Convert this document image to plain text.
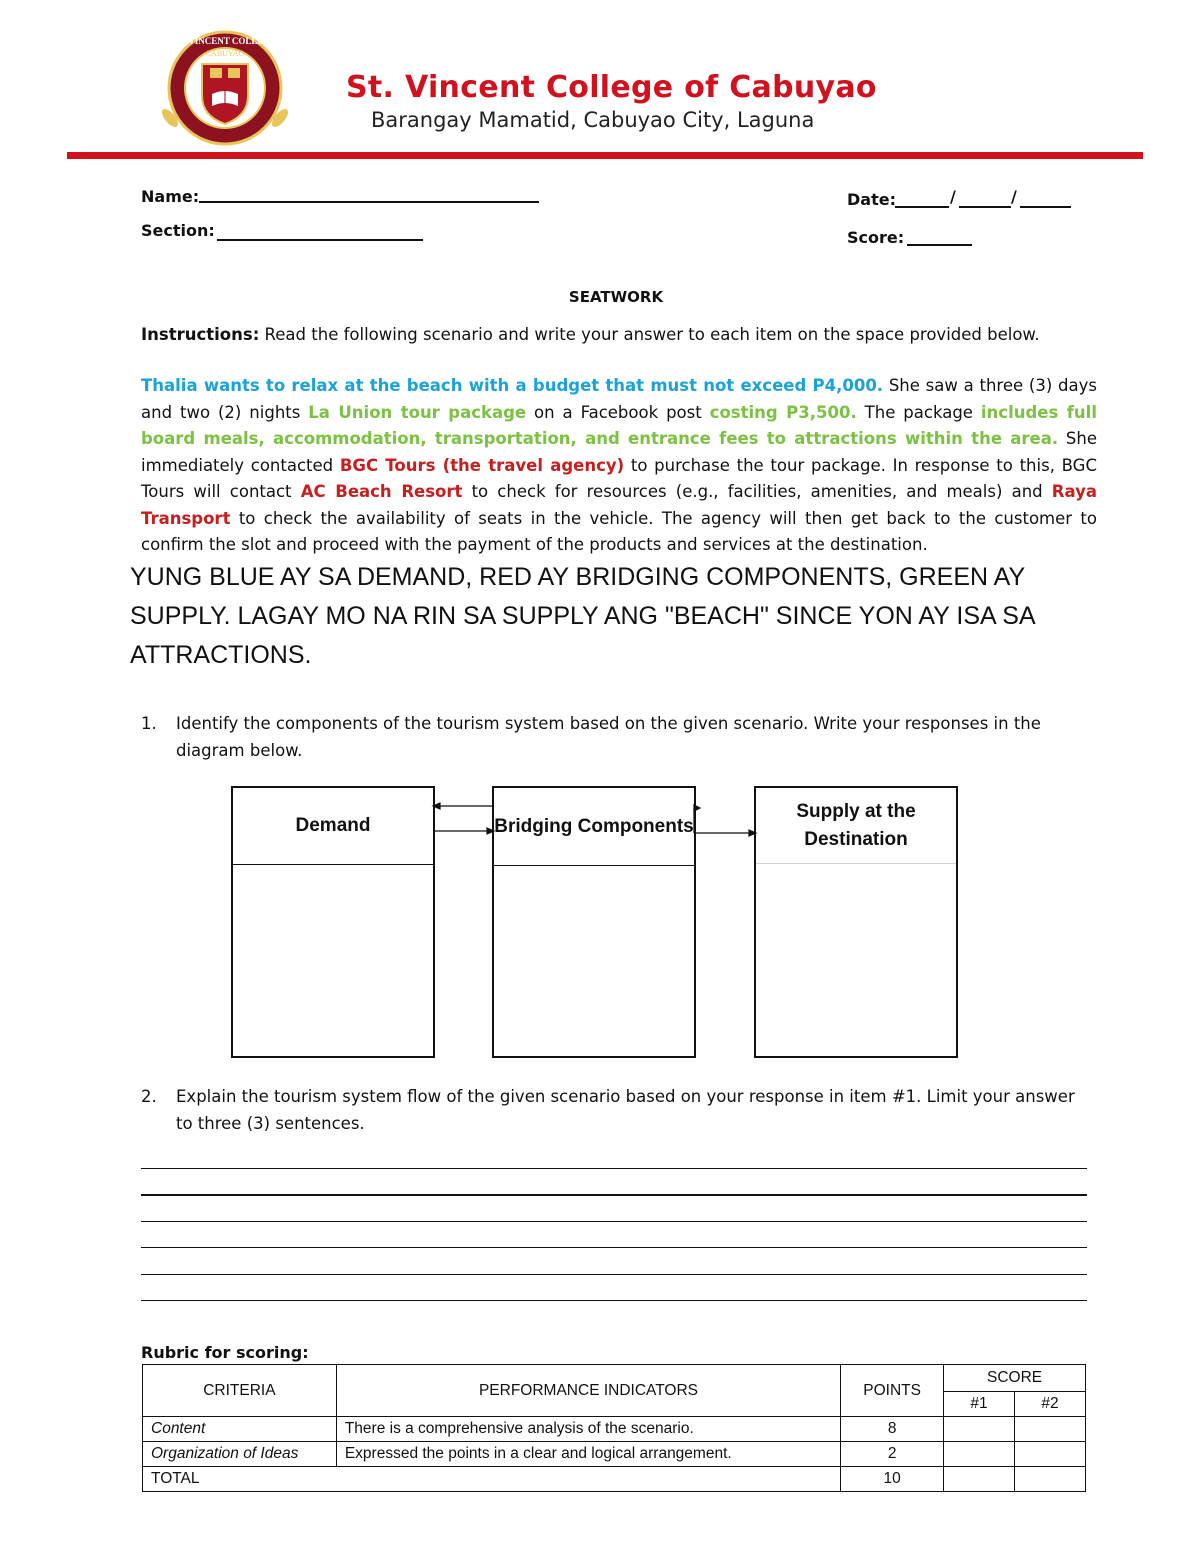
ST. VINCENT COLLEGE
CABUYAO
1998
St. Vincent College of Cabuyao
Barangay Mamatid, Cabuyao City, Laguna
Name:
Section:
Date:	/	/
Score:
SEATWORK
Instructions: Read the following scenario and write your answer to each item on the space provided below.
Thalia wants to relax at the beach with a budget that must not exceed P4,000. She saw a three (3) days and two (2) nights La Union tour package on a Facebook post costing P3,500. The package includes full board meals, accommodation, transportation, and entrance fees to attractions within the area. She immediately contacted BGC Tours (the travel agency) to purchase the tour package. In response to this, BGC Tours will contact AC Beach Resort to check for resources (e.g., facilities, amenities, and meals) and Raya Transport to check the availability of seats in the vehicle. The agency will then get back to the customer to confirm the slot and proceed with the payment of the products and services at the destination.
YUNG BLUE AY SA DEMAND, RED AY BRIDGING COMPONENTS, GREEN AY SUPPLY. LAGAY MO NA RIN SA SUPPLY ANG "BEACH" SINCE YON AY ISA SA ATTRACTIONS.
1. Identify the components of the tourism system based on the given scenario. Write your responses in the diagram below.
Demand	Bridging Components
Supply at the Destination
2. Explain the tourism system flow of the given scenario based on your response in item #1. Limit your answer to three (3) sentences.
Rubric for scoring:
CRITERIA	PERFORMANCE INDICATORS	POINTS	SCORE	
			#1	#2
Content	There is a comprehensive analysis of the scenario.	8		
Organization of Ideas	Expressed the points in a clear and logical arrangement.	2		
TOTAL		10		
